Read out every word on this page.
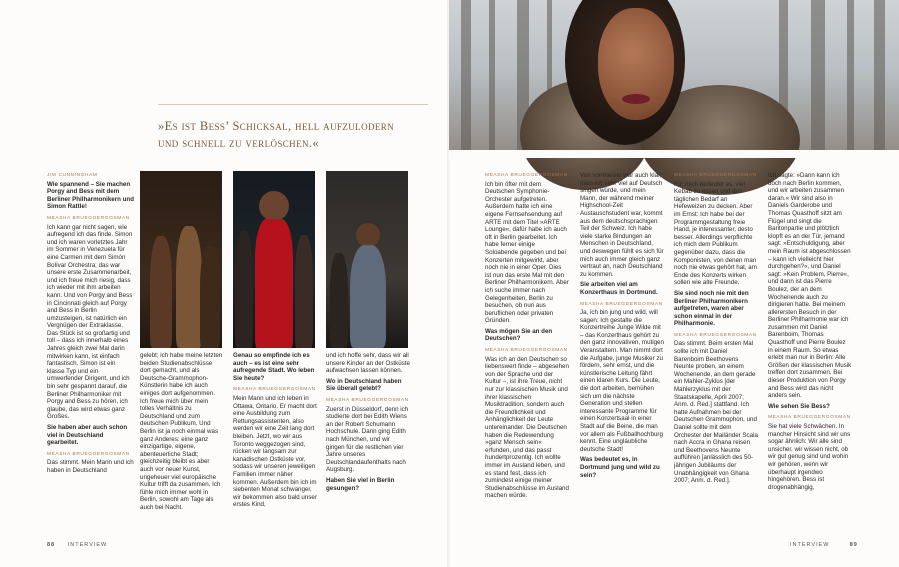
»Es ist Bess’ Schicksal, hell aufzulodern und schnell zu verlöschen.«
JIM CUNNINGHAM
Wie spannend – Sie machen Porgy and Bess mit dem Berliner Philharmonikern und Simon Rattle!
MEASHA BRUEGGERGOSMAN

Ich kann gar nicht sagen, wie aufregend ich das finde. Simon und ich waren vorletztes Jahr im Sommer in Venezuela für eine Carmen mit dem Simón Bolívar Orchestra; das war unsere erste Zusammenarbeit, und ich freue mich riesig, dass ich wieder mit ihm arbeiten kann. Und von Porgy and Bess in Cincinnati gleich auf Porgy and Bess in Berlin umzusteigen, ist natürlich ein Vergnügen der Extraklasse. Das Stück ist so großartig und toll – dass ich innerhalb eines Jahres gleich zwei Mal darin mitwirken kann, ist einfach fantastisch. Simon ist ein klasse Typ und ein umwerfender Dirigent, und ich bin sehr gespannt darauf, die Berliner Philharmoniker mit Porgy and Bess zu hören, ich glaube, das wird etwas ganz Großes.

Sie haben aber auch schon viel in Deutschland gearbeitet.
MEASHA BRUEGGERGOSMAN

Das stimmt. Mein Mann und ich haben in Deutschland

gelebt; ich habe meine letzten beiden Studienabschlüsse dort gemacht, und als Deutsche-Grammophon-Künstlerin habe ich auch einiges dort aufgenommen. Ich freue mich über mein tolles Verhältnis zu Deutschland und zum deutschen Publikum. Und Berlin ist ja noch einmal was ganz Anderes: eine ganz einzigartige, eigene, abenteuerliche Stadt; gleichzeitig bleibt es aber auch vor neuer Kunst, ungeheuer viel europäische Kultur trifft da zusammen. Ich fühle mich immer wohl in Berlin, sowohl am Tage als auch bei Nacht.

Genau so empfinde ich es auch – es ist eine sehr aufregende Stadt. Wo leben Sie heute?
MEASHA BRUEGGERGOSMAN

Mein Mann und ich leben in Ottawa, Ontario. Er macht dort eine Ausbildung zum Rettungsassistenten, also werden wir eine Zeit lang dort bleiben. Jetzt, wo wir aus Toronto weggezogen sind, rücken wir langsam zur kanadischen Ostküste vor, sodass wir unseren jeweiligen Familien immer näher kommen. Außerdem bin ich im siebenten Monat schwanger, wir bekommen also bald unser erstes Kind,

und ich hoffe sehr, dass wir all unsere Kinder an der Ostküste aufwachsen lassen können.

Wo in Deutschland haben Sie überall gelebt?
MEASHA BRUEGGERGOSMAN

Zuerst in Düsseldorf, denn ich studierte dort bei Edith Wiens an der Robert Schumann Hochschule. Dann ging Edith nach München, und wir gingen für die restlichen vier Jahre unseres Deutschlandaufenthalts nach Augsburg.

Haben Sie viel in Berlin gesungen?
MEASHA BRUEGGERGOSMAN

Ich bin öfter mit dem Deutschen Symphonie-Orchester aufgetreten. Außerdem hatte ich eine eigene Fernsehsendung auf ARTE mit dem Titel »ARTE Lounge«, dafür habe ich auch oft in Berlin gearbeitet. Ich habe ferner einige Soloabende gegeben und bei Konzerten mitgewirkt, aber noch nie in einer Oper. Dies ist nun das erste Mal mit den Berliner Philharmonikern. Aber ich suche immer nach Gelegenheiten, Berlin zu besuchen, ob nun aus beruflichen oder privaten Gründen.

Was mögen Sie an den Deutschen?
MEASHA BRUEGGERGOSMAN

Was ich an den Deutschen so liebenswert finde – abgesehen von der Sprache und der Kultur –, ist ihre Treue, nicht nur zur klassischen Musik und ihrer klassischen Musiktradition, sondern auch die Freundlichkeit und Anhänglichkeit der Leute untereinander. Die Deutschen haben die Redewendung »ganz Mensch sein« erfunden, und das passt hundertprozentig. Ich wollte immer im Ausland leben, und es stand fest, dass ich zumindest einige meiner Studienabschlüsse im Ausland machen würde.

Von vornherein war auch klar, dass ich sehr viel auf Deutsch singen würde, und mein Mann, der während meiner Highschool-Zeit Austauschstudent war, kommt aus dem deutschsprachigen Teil der Schweiz. Ich habe viele starke Bindungen an Menschen in Deutschland, und deswegen fühlt es sich für mich auch immer gleich ganz vertraut an, nach Deutschland zu kommen.

Sie arbeiten viel am Konzerthaus in Dortmund.
MEASHA BRUEGGERGOSMAN

Ja, ich bin jung und wild, will sagen: Ich gestalte die Konzertreihe Junge Wilde mit – das Konzerthaus gehört zu den ganz innovativen, mutigen Veranstaltern. Man nimmt dort die Aufgabe, junge Musiker zu fördern, sehr ernst, und die künstlerische Leitung fährt einen klaren Kurs. Die Leute, die dort arbeiten, bemühen sich um die nächste Generation und stellen interessante Programme für einen Konzertsaal in einer Stadt auf die Beine, die man vor allem als Fußballhochburg kennt. Eine ungláubliche deutsche Stadt!

Was bedeutet es, in Dortmund jung und wild zu sein?
MEASHA BRUEGGERGOSMAN

Für mich bedeutet es, viel Kebab zu essen und den täglichen Bedarf an Hefeweizen zu decken. Aber im Ernst: Ich habe bei der Programmgestaltung freie Hand, je interessanter, desto besser. Allerdings verpflichte ich mich dem Publikum gegenüber dazu, dass die Komponisten, von denen man noch nie etwas gehört hat, am Ende des Konzerts wirken sollen wie alte Freunde.

Sie sind noch nie mit den Berliner Philharmonikern aufgetreten, waren aber schon einmal in der Philharmonie.
MEASHA BRUEGGERGOSMAN

Das stimmt. Beim ersten Mal sollte ich mit Daniel Barenboim Beethovens Neunte proben, an einem Wochenende, an dem gerade ein Mahler-Zyklus [der Mahlerzyklus mit der Staatskapelle, April 2007; Anm. d. Red.] stattfand. Ich hatte Aufnahmen bei der Deutschen Grammophon, und Daniel sollte mit dem Orchester der Mailänder Scala nach Accra in Ghana reisen und Beethovens Neunte aufführen [anlässlich des 50-jährigen Jubiläums der Unabhängigkeit von Ghana 2007; Anm. d. Red.].

Ich sagte: »Dann kann ich doch nach Berlin kommen, und wir arbeiten zusammen daran.« Wir sind also in Daniels Garderobe und Thomas Quasthoff sitzt am Flügel und singt die Baritonpartie und plötzlich klopft es an der Tür, jemand sagt: »Entschuldigung, aber mein Raum ist abgeschlossen – kann ich vielleicht hier durchgehen?«, und Daniel sagt: »Kein Problem, Pierre«, und dann ist das Pierre Boulez, der an dem Wochenende auch zu dirigieren hatte. Bei meinem allerersten Besuch in der Berliner Philharmonie war ich zusammen mit Daniel Barenboim, Thomas Quasthoff und Pierre Boulez in einem Raum. So etwas erlebt man nur in Berlin: Alle Größen der klassischen Musik treffen dort zusammen. Bei dieser Produktion von Porgy and Bess wird das nicht anders sein.

Wie sehen Sie Bess?
MEASHA BRUEGGERGOSMAN

Sie hat viele Schwächen. In mancher Hinsicht sind wir uns sogar ähnlich: Wir alle sind unsicher, wir wissen nicht, ob wir gut genug sind und wohin wir gehören, wenn wir überhaupt irgendwo hingehören. Bess ist drogenabhängig,

88 INTERVIEW	INTERVIEW	89
